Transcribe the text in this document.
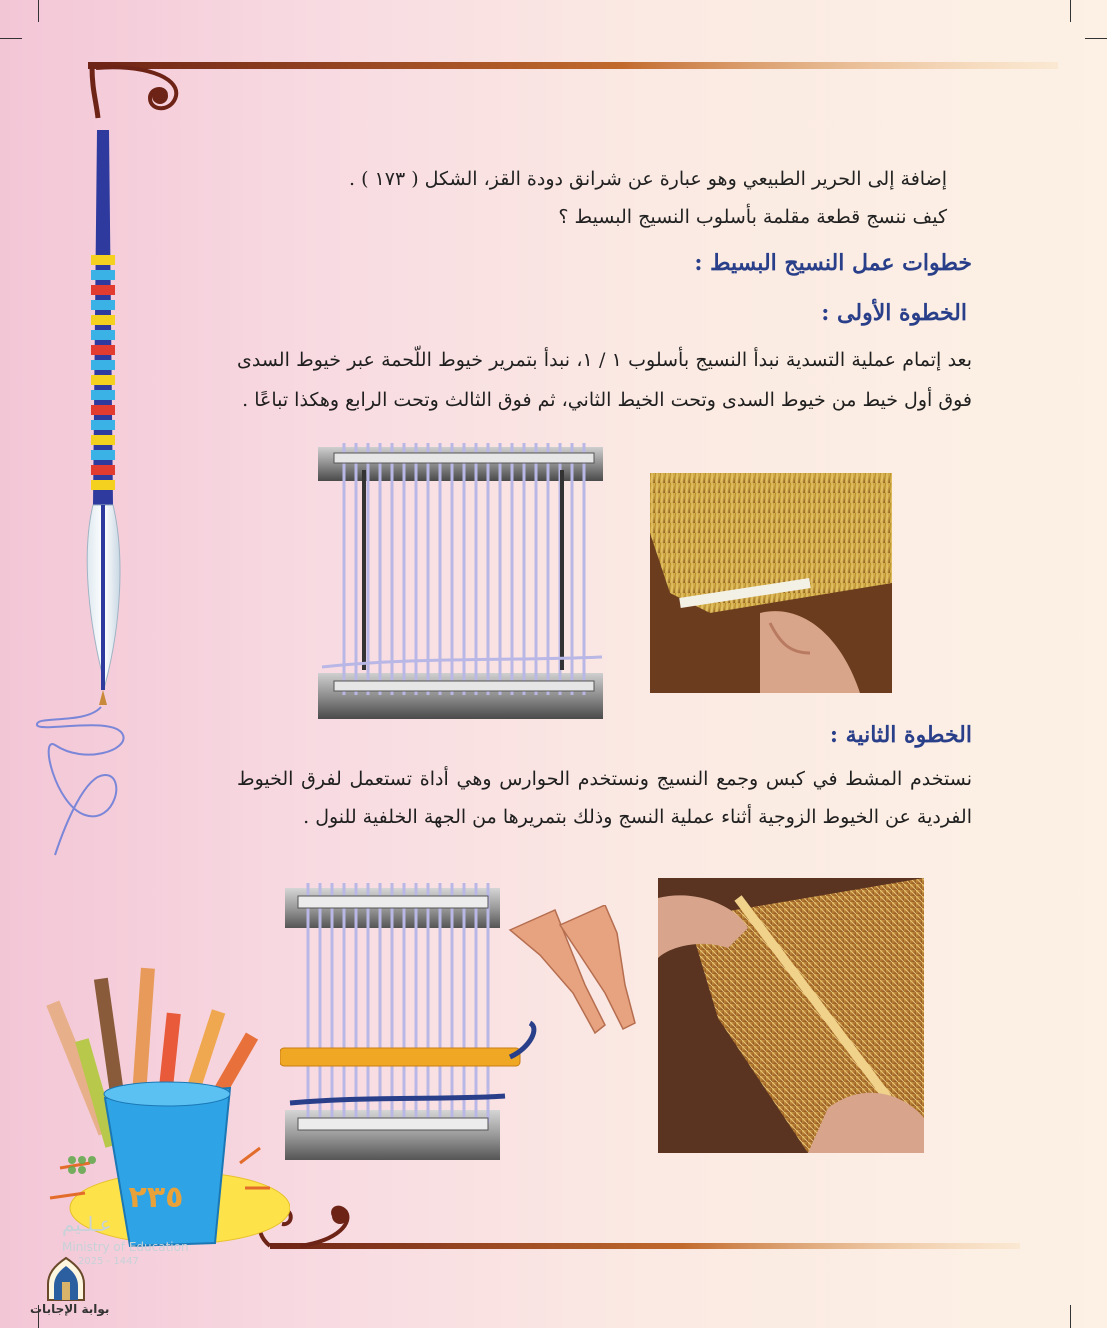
إضافة إلى الحرير الطبيعي وهو عبارة عن شرانق دودة القز، الشكل ( ١٧٣ ) .
كيف ننسج قطعة مقلمة بأسلوب النسيج البسيط ؟
خطوات عمل النسيج البسيط :
الخطوة الأولى :
بعد إتمام عملية التسدية نبدأ النسيج بأسلوب ١ / ١، نبدأ بتمرير خيوط اللّحمة عبر خيوط السدى فوق أول خيط من خيوط السدى وتحت الخيط الثاني، ثم فوق الثالث وتحت الرابع وهكذا تباعًا .
الخطوة الثانية :
نستخدم المشط في كبس وجمع النسيج ونستخدم الحوارس وهي أداة تستعمل لفرق الخيوط الفردية عن الخيوط الزوجية أثناء عملية النسج وذلك بتمريرها من الجهة الخلفية للنول .
٢٣٥
عـلـيم
Ministry of Education
2025 - 1447
بوابة الإجابات
